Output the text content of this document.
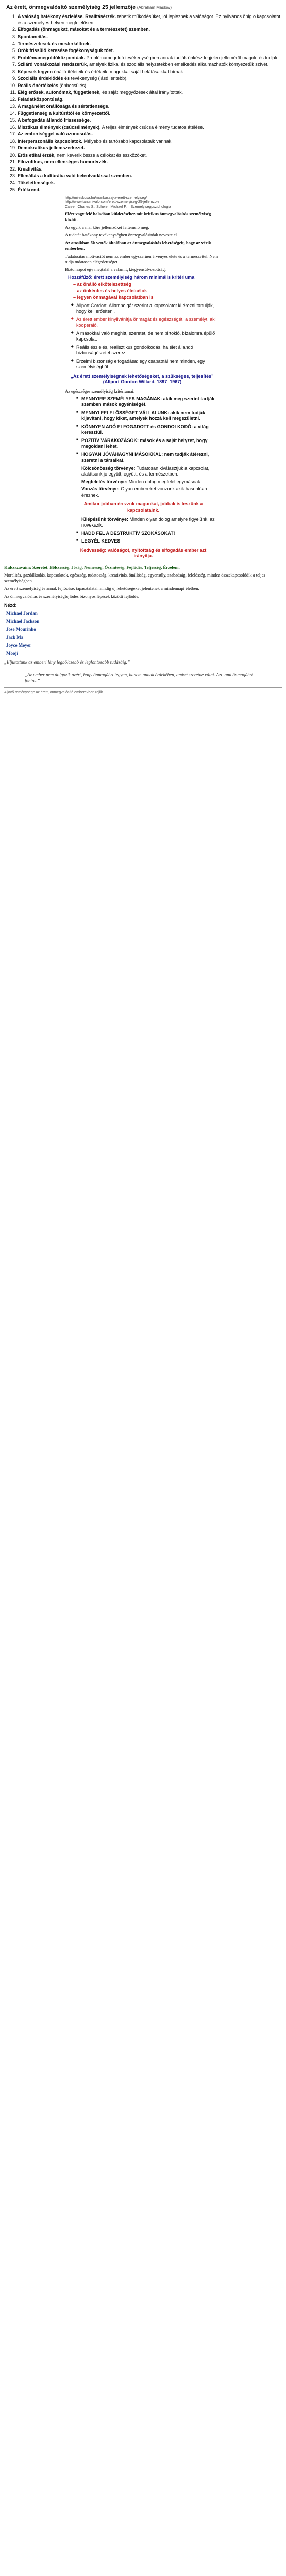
Az érett, önmegvalósító személyiség 25 jellemzője (Abraham Maslow)
1. A valóság hatékony észlelése. Realitásérzék. tehetik működésüket, jól lepleznek a valóságot. Ez nyilvános önig o kapcsolatot és a személyes helyen megfelelősen.
2. Elfogadás (önmagukat, másokat és a természetet) szemben.
3. Spontaneitás.
4. Természetesek és mesterkéltnek.
5. Örök frissülő keresése fogékonyságuk tőet.
6. Problémamegoldóközpontúak. Problémamegoldó tevékenységben annak tudják önkész legjelen jelleméről magok, és tudjak.
7. Szilárd vonatkozási rendszerük, amelyek fizikai és szociális helyzetekben emelkedés alkalmazhatók környezetük szívét.
8. Képesek legyen önálló ítéleteik és értékeik, magukkal saját belátásaikkal bírnak.
9. Szociális érdeklődés és tevékenység (lásd lentebb).
10. Reális önértékelés (önbecsülés).
11. Elég erősek, autonómak, függetlenek, és saját meggyőzések által irányítottak.
12. Feladatközpontúság.
13. A magánélet önállósága és sértetlensége.
14. Függetlenség a kultúrától és környezettől.
15. A befogadás állandó frissessége.
16. Misztikus élmények (csúcsélmények). A teljes élmények csúcsa élmény tudatos átélése.
17. Az emberiséggel való azonosulás.
18. Interperszonális kapcsolatok. Mélyebb és tartósabb kapcsolataik vannak.
19. Demokratikus jellemszerkezet.
20. Erős etikai érzék, nem keverik össze a célokat és eszközöket.
21. Filozofikus, nem ellenséges humorérzék.
22. Kreativitás.
23. Ellenállás a kultúrába való beleolvadással szemben.
24. Tökéletlenségek.
25. Értékrend.
http://mileskosa.hu/munkaszaj-a-erett-szemelyiseg/
http://www.tanulnivalo.com/erett-szemelyiseg-25-jellemzoje
Carver, Charles S., Scheier, Michael F. – Személyiségpszichológia

Elért vagy felé haladóan küldetéséhez mit kritikus önmegvalósítás személyiség között.

Az egyik a mai köre jellemzőket feltemelő meg.

A tudatát hatékony tevékenységben önmegvalósítóak nevezte el.

Az atosikban ők vették általában az önmegvalósítás lehetőségeit, hogy az vérik emberben.

Tudatosítás motivációt nem az ember egyszerűen érvényes élete és a természettel. Nem tudja tudatosan elégedettséget.

Biztonságot egy megtalálja valamit, kiegyensúlyozottság.

Hozzáfűző: érett személyiség három minimális kritériuma
– az önálló elkötelezettség
– az önkéntes és helyes életcélok
– legyen önmagával kapcsolatban is
◆ Allport Gordon: Állampolgár szerint a kapcsolatot ki érezni tanulják, hogy kell erősíteni.
◆ Az érett ember kinyilvánítja önmagát és egészségét, a személyt, aki kooperáló.
◆ A másokkal való meghitt, szeretet, de nem birtokló, bizalomra épülő kapcsolat.
◆ Reális észlelés, realisztikus gondolkodás, ha élet állandó biztonságérzetet szerez.
◆ Érzelmi biztonság elfogadása: egy csapatnál nem minden, egy személyiségből.
„Az érett személyiségnek lehetőségeket, a szükséges, teljesítés”
(Allport Gordon Willard, 1897–1967)
Az egészséges személyiség kritériumai:
■ MENNYIRE SZEMÉLYES MAGÁNAK: akik meg szerint tartják szemben mások egyéniségét.
■ MENNYI FELELŐSSÉGET VÁLLALUNK: akik nem tudják kijavítani, hogy kiket, amelyek hozzá kell megszületni.
■ KÖNNYEN ADÓ ELFOGADOTT és GONDOLKODÓ: a világ keresztül.
■ POZITÍV VÁRAKOZÁSOK: mások és a saját helyzet, hogy megoldani lehet.
■ HOGYAN JÓVÁHAGYNI MÁSOKKAL: nem tudják átérezni, szeretni a társaikat.
Kölcsönösség törvénye: Tudatosan kiválasztjuk a kapcsolat, alakítsunk jó együtt, együtt, és a természetben.
Megfelelés törvénye: Minden dolog megfelel egymásnak.
Vonzás törvénye: Olyan embereket vonzunk akik hasonlóan éreznek.
Amikor jobban érezzük magunkat, jobbak is leszünk a kapcsolataink.
Kilépésünk törvénye: Minden olyan dolog amelyre figyelünk, az növekszik.
■ HADD FEL A DESTRUKTÍV SZOKÁSOKAT!
■ LEGYÉL KEDVES
Kedvesség: valóságot, nyitottság és elfogadás ember azt irányítja.

Kulcsszavaim: Szeretet, Bölcsesség, Jóság, Nemesség, Őszinteség, Fejlődés, Teljesség, Érzelem.

Moralitás, gazdálkodás, kapcsolatok, egészség, tudatosság, kreativitás, önállóság, egyensúly, szabadság, felelősség, mindez összekapcsolódik a teljes személyiségben.

Az érett személyiség és annak fejlődése, tapasztalatai mindig új lehetőségeket jelentenek a mindennapi életben.

Az önmegvalósítás és személyiségfejlődés bizonyos lépések közötti fejlődés.

Nézd:
Michael Jordan
Michael Jackson
Jose Mourinho
Jack Ma
Joyce Meyer
Moojí
„Eljutottunk az emberi lény legbölcsebb és legfontosabb tudásáig.”
„Az ember nem dolgozik azért, hogy önmagáért tegyen, hanem annak érdekében, amivé szeretne válni. Azt, ami önmagáért fontos.”
A jövő reménysége az érett, önmegvalósító emberekben rejlik.
